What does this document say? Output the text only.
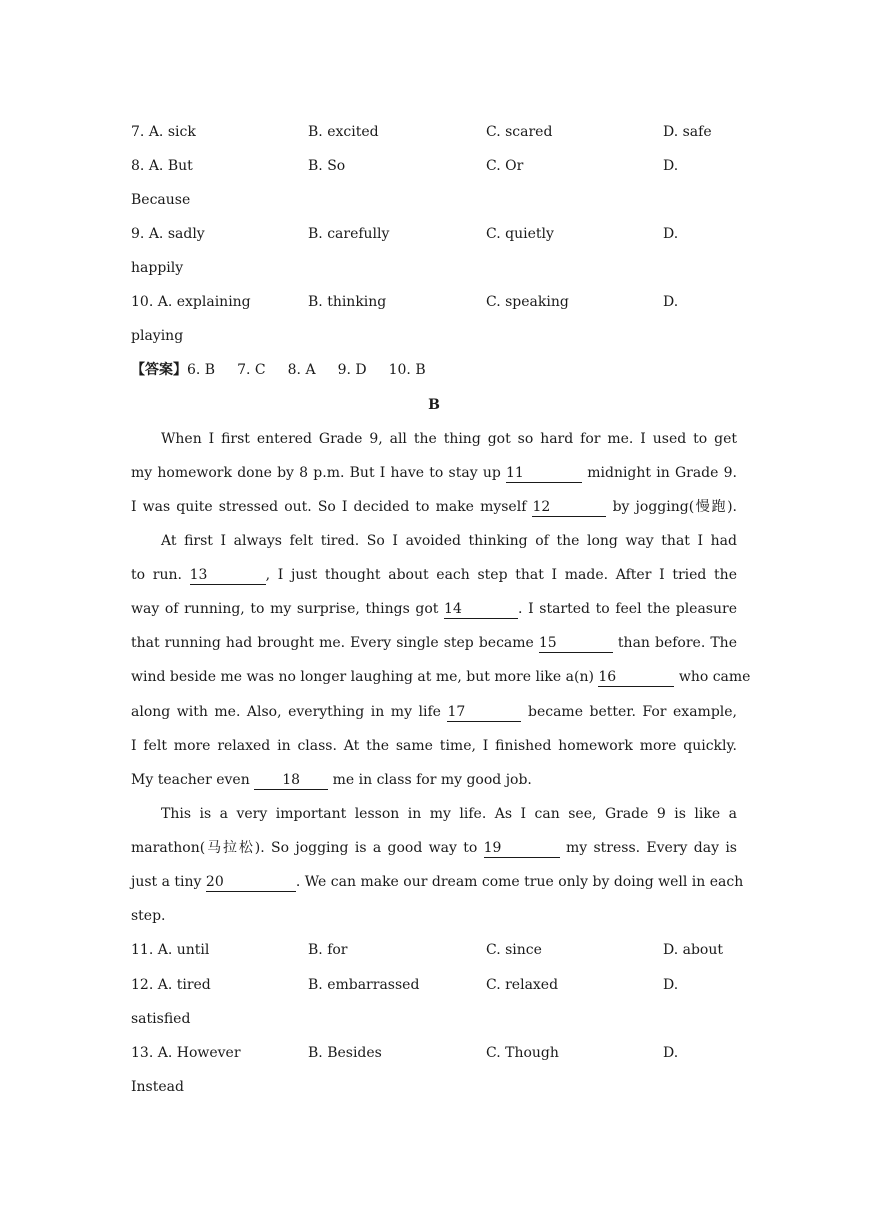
7. A. sick	B. excited	C. scared	D. safe
8. A. But	B. So	C. Or	D.
Because
9. A. sadly	B. carefully	C. quietly	D.
happily
10. A. explaining	B. thinking	C. speaking	D.
playing
【答案】6. B 7. C 8. A 9. D 10. B
B
When I first entered Grade 9, all the thing got so hard for me. I used to get
my homework done by 8 p.m. But I have to stay up 11	midnight in Grade 9.
I was quite stressed out. So I decided to make myself 12	by jogging(慢跑).
At first I always felt tired. So I avoided thinking of the long way that I had
to run. 13	, I just thought about each step that I made. After I tried the
way of running, to my surprise, things got 14	. I started to feel the pleasure
that running had brought me. Every single step became 15	than before. The
wind beside me was no longer laughing at me, but more like a(n) 16	who came
along with me. Also, everything in my life 17	became better. For example,
I felt more relaxed in class. At the same time, I finished homework more quickly.
My teacher even 18 me in class for my good job.
This is a very important lesson in my life. As I can see, Grade 9 is like a
marathon(马拉松). So jogging is a good way to 19	my stress. Every day is
just a tiny 20	. We can make our dream come true only by doing well in each
step.
11. A. until	B. for	C. since	D. about
12. A. tired	B. embarrassed	C. relaxed	D.
satisfied
13. A. However	B. Besides	C. Though	D.
Instead
